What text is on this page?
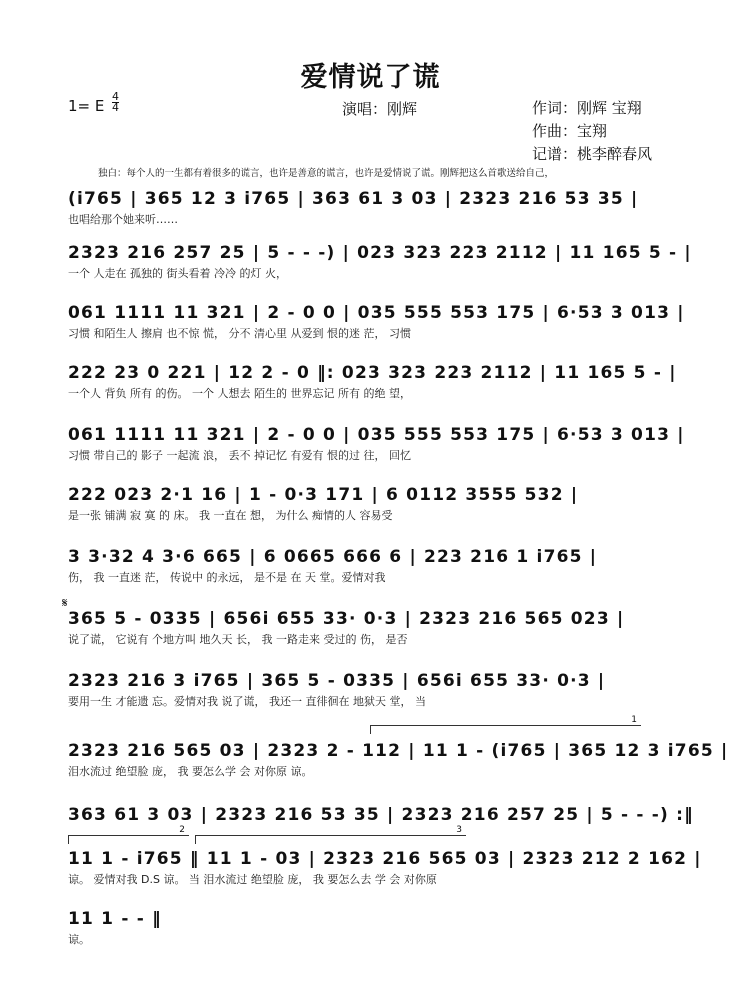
爱情说了谎
1= E $\frac{4}{4}$	演唱：刚辉	作词：刚辉 宝翔
作曲：宝翔
记谱：桃李醉春风
独白：每个人的一生都有着很多的谎言，也许是善意的谎言，也许是爱情说了谎。刚辉把这么首歌送给自己，
(i765 | 365 12 3 i765 | 363 61 3 03 | 2323 216 53 35 |
也唱给那个她来听……
2323 216 257 25 | 5 - - -) | 023 323 223 2112 | 11 165 5 - |
一个 人走在 孤独的 街头看着 冷冷 的灯 火，
061 1111 11 321 | 2 - 0 0 | 035 555 553 175 | 6·53 3 013 |
习惯 和陌生人 擦肩 也不惊 慌， 分不 清心里 从爱到 恨的迷 茫， 习惯
222 23 0 221 | 12 2 - 0 ‖: 023 323 223 2112 | 11 165 5 - |
一个人 背负 所有 的伤。 一个 人想去 陌生的 世界忘记 所有 的绝 望，
061 1111 11 321 | 2 - 0 0 | 035 555 553 175 | 6·53 3 013 |
习惯 带自己的 影子 一起流 浪， 丢不 掉记忆 有爱有 恨的过 往， 回忆
222 023 2·1 16 | 1 - 0·3 171 | 6 0112 3555 532 |
是一张 铺满 寂 寞 的 床。 我 一直在 想， 为什么 痴情的人 容易受
3 3·32 4 3·6 665 | 6 0665 666 6 | 223 216 1 i765 |
伤， 我 一直迷 茫， 传说中 的永远， 是不是 在 天 堂。爱情对我
365 5 - 0335 | 656i 655 33· 0·3 | 2323 216 565 023 |
说了谎， 它说有 个地方叫 地久天 长， 我 一路走来 受过的 伤， 是否
2323 216 3 i765 | 365 5 - 0335 | 656i 655 33· 0·3 |
要用一生 才能遗 忘。爱情对我 说了谎， 我还一 直徘徊在 地狱天 堂， 当
2323 216 565 03 | 2323 2 - 112 | 11 1 - (i765 | 365 12 3 i765 |
泪水流过 绝望脸 庞， 我 要怎么学 会 对你原 谅。
363 61 3 03 | 2323 216 53 35 | 2323 216 257 25 | 5 - - -) :‖
11 1 - i765 ‖ 11 1 - 03 | 2323 216 565 03 | 2323 212 2 162 |
谅。 爱情对我 D.S 谅。 当 泪水流过 绝望脸 庞， 我 要怎么去 学 会 对你原
11 1 - - ‖
谅。
1
2	3
𝄋
